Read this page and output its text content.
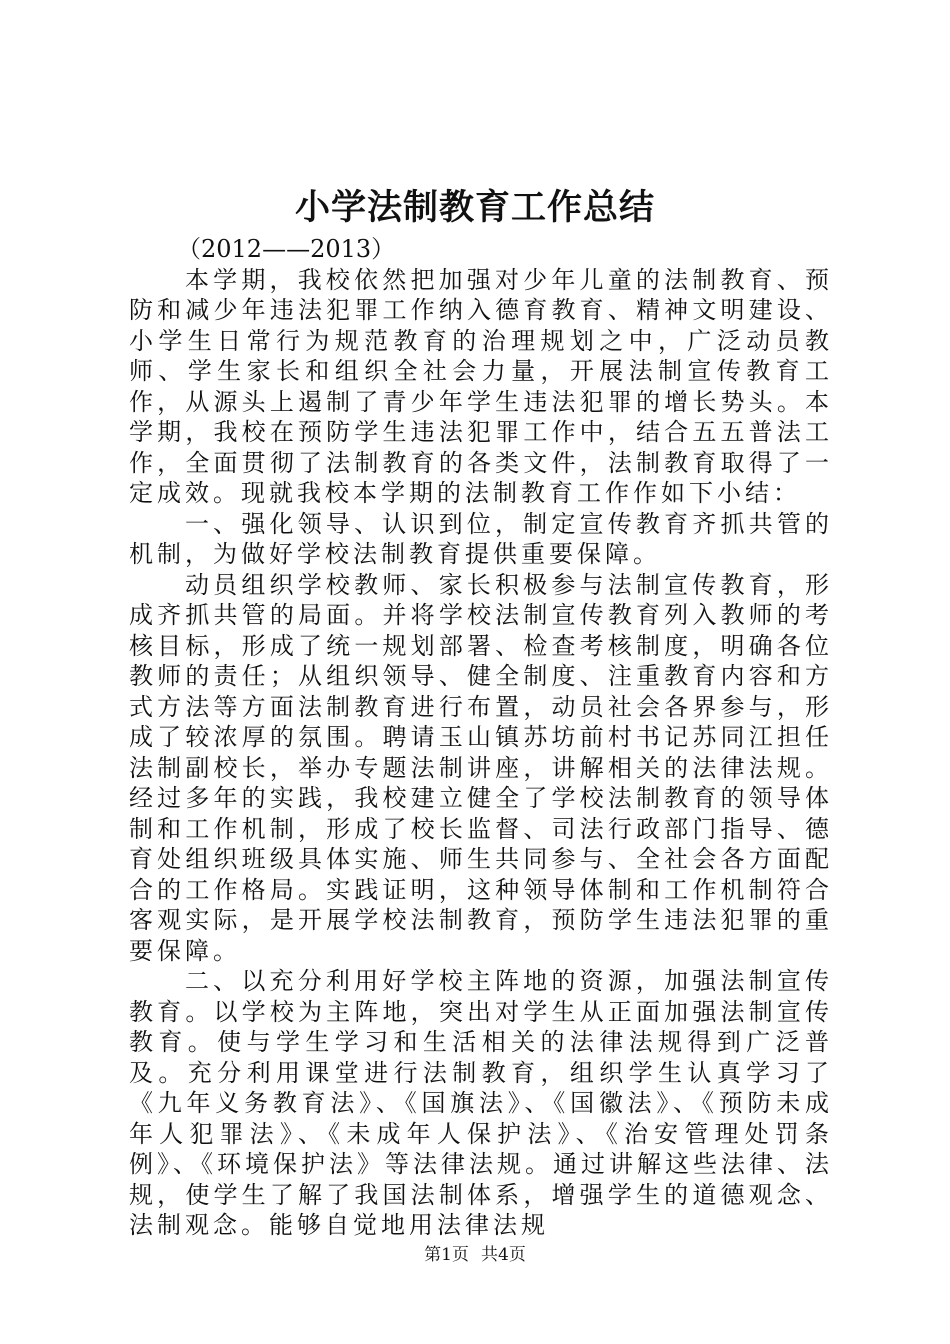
小学法制教育工作总结

（2012——2013）

本学期，我校依然把加强对少年儿童的法制教育、预防和减少年违法犯罪工作纳入德育教育、精神文明建设、小学生日常行为规范教育的治理规划之中，广泛动员教师、学生家长和组织全社会力量，开展法制宣传教育工作，从源头上遏制了青少年学生违法犯罪的增长势头。本学期，我校在预防学生违法犯罪工作中，结合五五普法工作，全面贯彻了法制教育的各类文件，法制教育取得了一定成效。现就我校本学期的法制教育工作作如下小结：

一、强化领导、认识到位，制定宣传教育齐抓共管的机制，为做好学校法制教育提供重要保障。

动员组织学校教师、家长积极参与法制宣传教育，形成齐抓共管的局面。并将学校法制宣传教育列入教师的考核目标，形成了统一规划部署、检查考核制度，明确各位教师的责任；从组织领导、健全制度、注重教育内容和方式方法等方面法制教育进行布置，动员社会各界参与，形成了较浓厚的氛围。聘请玉山镇苏坊前村书记苏同江担任法制副校长，举办专题法制讲座，讲解相关的法律法规。经过多年的实践，我校建立健全了学校法制教育的领导体制和工作机制，形成了校长监督、司法行政部门指导、德育处组织班级具体实施、师生共同参与、全社会各方面配合的工作格局。实践证明，这种领导体制和工作机制符合客观实际，是开展学校法制教育，预防学生违法犯罪的重要保障。

二、以充分利用好学校主阵地的资源，加强法制宣传教育。以学校为主阵地，突出对学生从正面加强法制宣传教育。使与学生学习和生活相关的法律法规得到广泛普及。充分利用课堂进行法制教育，组织学生认真学习了《九年义务教育法》、《国旗法》、《国徽法》、《预防未成年人犯罪法》、《未成年人保护法》、《治安管理处罚条例》、《环境保护法》等法律法规。通过讲解这些法律、法规，使学生了解了我国法制体系，增强学生的道德观念、法制观念。能够自觉地用法律法规

第1页 共4页
